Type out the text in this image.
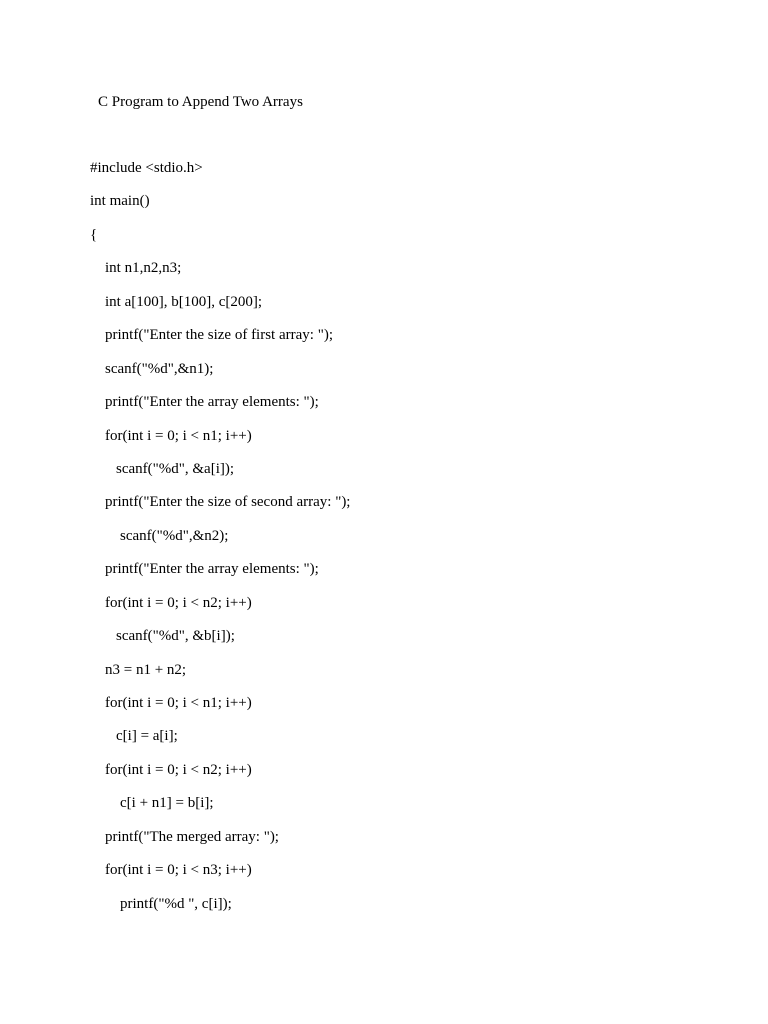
C Program to Append Two Arrays
#include <stdio.h>
int main()
{
int n1,n2,n3;
int a[100], b[100], c[200];
printf("Enter the size of first array: ");
scanf("%d",&n1);
printf("Enter the array elements: ");
for(int i = 0; i < n1; i++)
scanf("%d", &a[i]);
printf("Enter the size of second array: ");
scanf("%d",&n2);
printf("Enter the array elements: ");
for(int i = 0; i < n2; i++)
scanf("%d", &b[i]);
n3 = n1 + n2;
for(int i = 0; i < n1; i++)
c[i] = a[i];
for(int i = 0; i < n2; i++)
c[i + n1] = b[i];
printf("The merged array: ");
for(int i = 0; i < n3; i++)
printf("%d ", c[i]);
